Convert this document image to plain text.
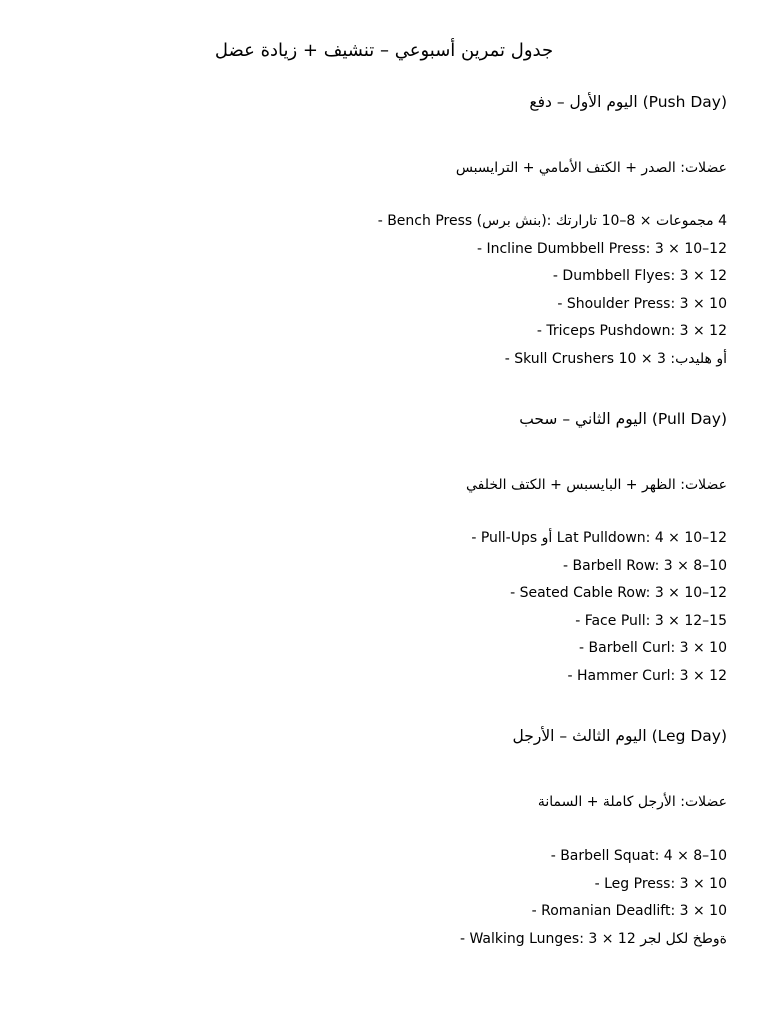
جدول تمرين أسبوعي – تنشيف + زيادة عضل
اليوم الأول – دفع (Push Day)
عضلات: الصدر + الكتف الأمامي + الترايسبس
- Bench Press (بنش برس): 4 مجموعات × 8–10 تارارتك
- Incline Dumbbell Press: 3 × 10–12
- Dumbbell Flyes: 3 × 12
- Shoulder Press: 3 × 10
- Triceps Pushdown: 3 × 12
- Skull Crushers أو هليدب: 3 × 10
اليوم الثاني – سحب (Pull Day)
عضلات: الظهر + البايسبس + الكتف الخلفي
- Pull-Ups أو Lat Pulldown: 4 × 10–12
- Barbell Row: 3 × 8–10
- Seated Cable Row: 3 × 10–12
- Face Pull: 3 × 12–15
- Barbell Curl: 3 × 10
- Hammer Curl: 3 × 12
اليوم الثالث – الأرجل (Leg Day)
عضلات: الأرجل كاملة + السمانة
- Barbell Squat: 4 × 8–10
- Leg Press: 3 × 10
- Romanian Deadlift: 3 × 10
- Walking Lunges: 3 × 12 ةوطخ لكل لجر
